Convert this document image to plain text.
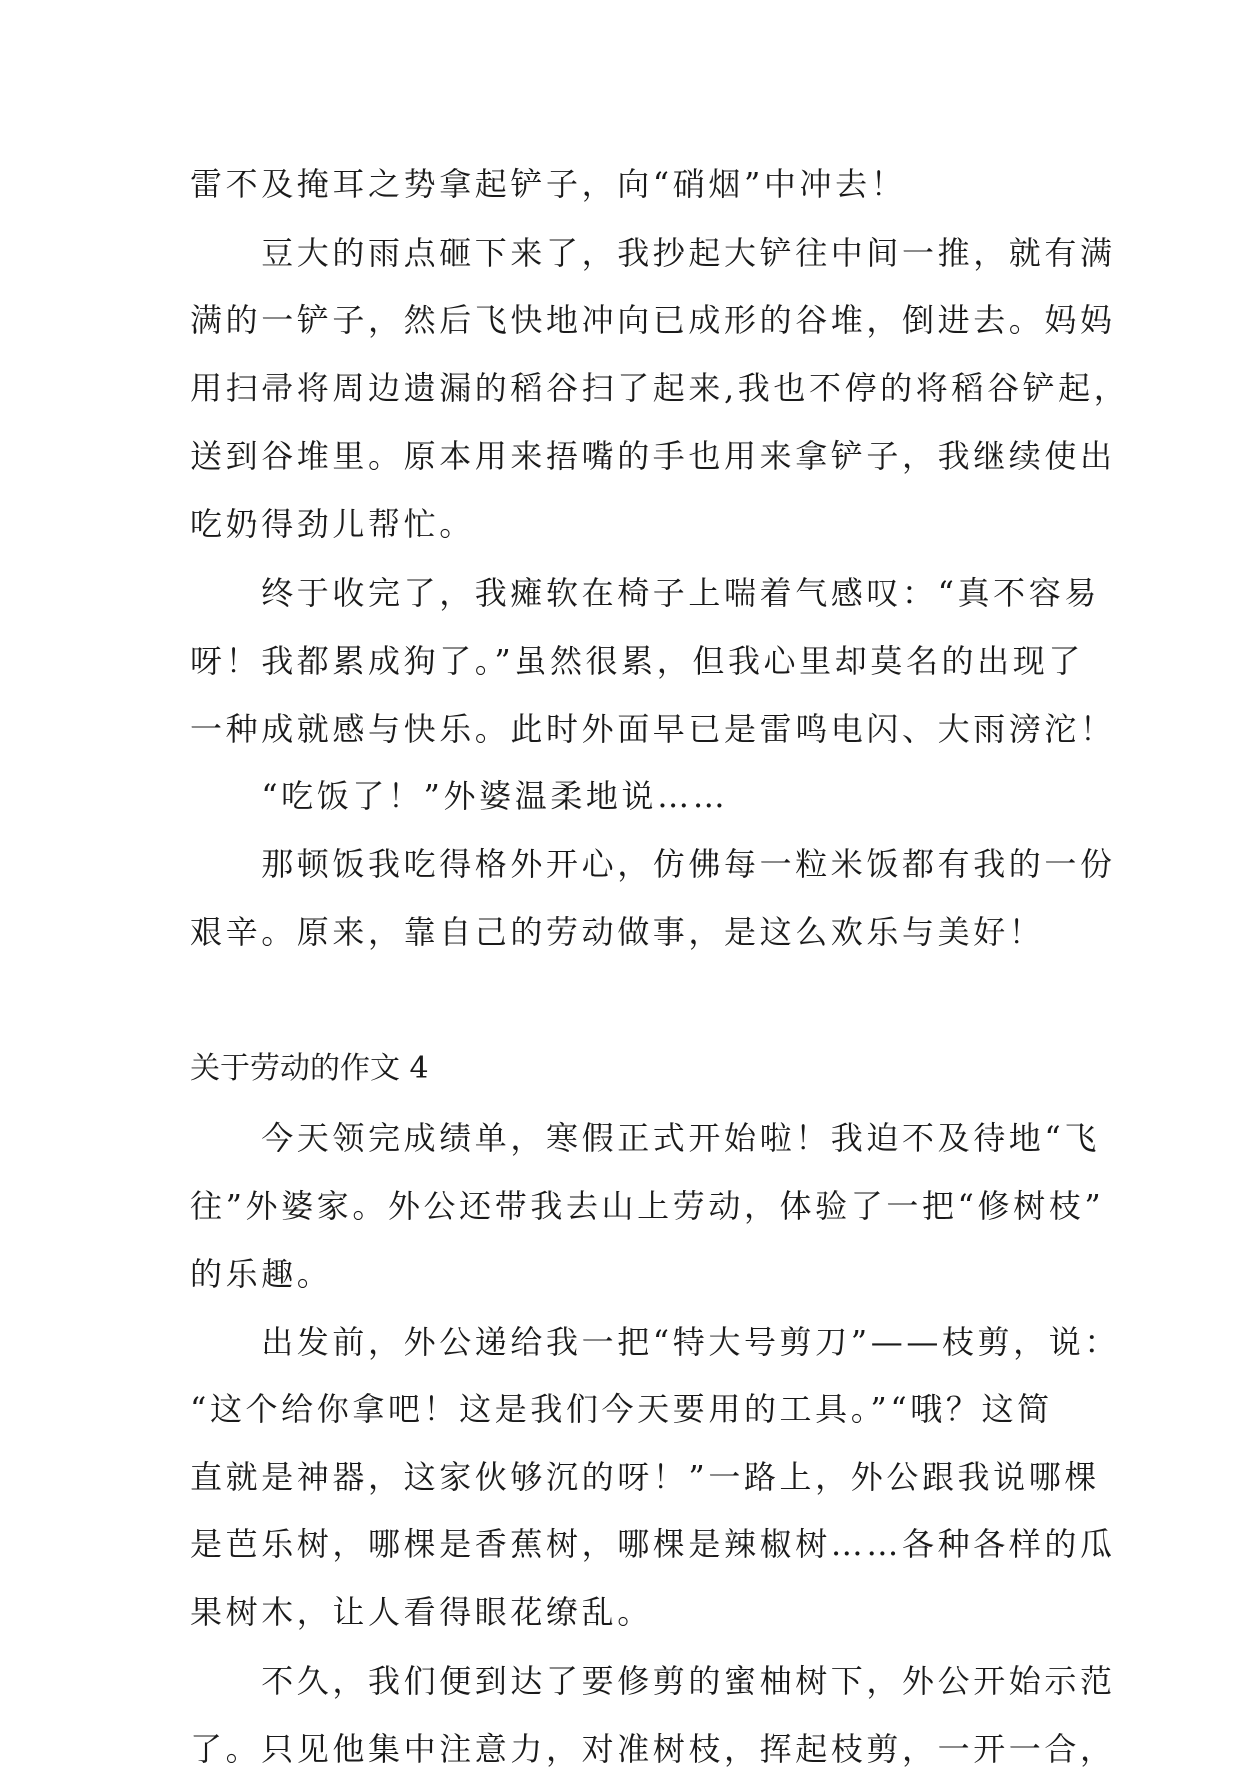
雷不及掩耳之势拿起铲子，向“硝烟”中冲去！
　　豆大的雨点砸下来了，我抄起大铲往中间一推，就有满
满的一铲子，然后飞快地冲向已成形的谷堆，倒进去。妈妈
用扫帚将周边遗漏的稻谷扫了起来,我也不停的将稻谷铲起，
送到谷堆里。原本用来捂嘴的手也用来拿铲子，我继续使出
吃奶得劲儿帮忙。
　　终于收完了，我瘫软在椅子上喘着气感叹：“真不容易
呀！我都累成狗了。”虽然很累，但我心里却莫名的出现了
一种成就感与快乐。此时外面早已是雷鸣电闪、大雨滂沱！
　　“吃饭了！”外婆温柔地说……
　　那顿饭我吃得格外开心，仿佛每一粒米饭都有我的一份
艰辛。原来，靠自己的劳动做事，是这么欢乐与美好！
关于劳动的作文 4
　　今天领完成绩单，寒假正式开始啦！我迫不及待地“飞
往”外婆家。外公还带我去山上劳动，体验了一把“修树枝”
的乐趣。
　　出发前，外公递给我一把“特大号剪刀”——枝剪，说：
“这个给你拿吧！这是我们今天要用的工具。”“哦？这简
直就是神器，这家伙够沉的呀！”一路上，外公跟我说哪棵
是芭乐树，哪棵是香蕉树，哪棵是辣椒树……各种各样的瓜
果树木，让人看得眼花缭乱。
　　不久，我们便到达了要修剪的蜜柚树下，外公开始示范
了。只见他集中注意力，对准树枝，挥起枝剪，一开一合，
